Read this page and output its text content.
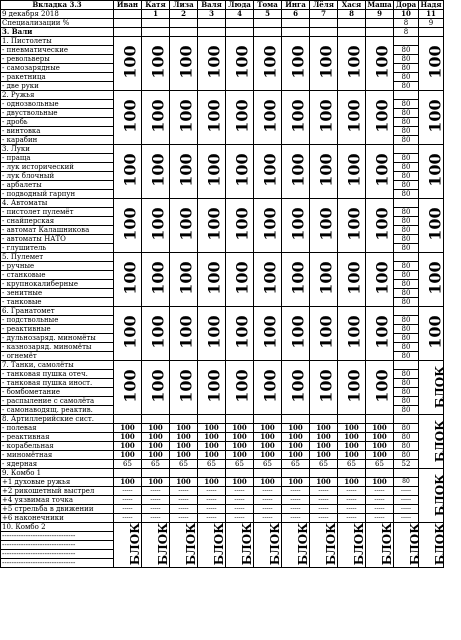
Вкладка 3.3	Иван	Катя	Лиза	Валя	Люда	Тома	Инга	Лёля	Хася	Маша	Дора	Надя
9 декабря 2018		1	2	3	4	5	6	7	8	9	10	11
Специализации %											8	9
3. Вали											8	
1. Пистолеты	100	100	100	100	100	100	100	100	100	100		100
- пневматические											80	
- револьверы											80	
- самозарядные											80	
- ракетница											80	
- две руки											80	
2. Ружья	100	100	100	100	100	100	100	100	100	100		100
- однозвольные											80	
- двуствольные											80	
- дробь											80	
- винтовка											80	
- карабин											80	
3. Луки	100	100	100	100	100	100	100	100	100	100		100
- праща											80	
- лук исторический											80	
- лук блочный											80	
- арбалеты											80	
- подводный гарпун											80	
4. Автоматы	100	100	100	100	100	100	100	100	100	100		100
- пистолет пулемёт											80	
- снайперская											80	
- автомат Калашникова											80	
- автоматы НАТО											80	
- глушитель											80	
5. Пулемет	100	100	100	100	100	100	100	100	100	100		100
- ручные											80	
- станковые											80	
- крупнокалиберные											80	
- зенитные											80	
- танковые											80	
6. Гранатомет	100	100	100	100	100	100	100	100	100	100		100
- подствольные											80	
- реактивные											80	
- дульнозаряд. миномёты											80	
- казнозаряд. миномёты											80	
- огнемёт											80	
7. Танки, самолёты	100	100	100	100	100	100	100	100	100	100		БЛОК
- танковая пушка отеч.											80	
- танковая пушка иност.											80	
- бомбометание											80	
- распыление с самолёта											80	
- самонаводящ. реактив.											80	
8. Артиллерийские сист.												БЛОК
- полевая	100	100	100	100	100	100	100	100	100	100	80	
- реактивная	100	100	100	100	100	100	100	100	100	100	80	
- корабельная	100	100	100	100	100	100	100	100	100	100	80	
- миномётная	100	100	100	100	100	100	100	100	100	100	80	
- ядерная	65	65	65	65	65	65	65	65	65	65	52	
9. Комбо 1												БЛОК
+1 духовые ружья	100	100	100	100	100	100	100	100	100	100	80	
+2 рикошетный выстрел	-----	-----	-----	-----	-----	-----	-----	-----	-----	-----	-----	
+4 уязвимая точка	-----	-----	-----	-----	-----	-----	-----	-----	-----	-----	-----	
+5 стрельба в движении	-----	-----	-----	-----	-----	-----	-----	-----	-----	-----	-----	
+6 наконечники	-----	-----	-----	-----	-----	-----	-----	-----	-----	-----	-----	
10. Комбо 2	БЛОК	БЛОК	БЛОК	БЛОК	БЛОК	БЛОК	БЛОК	БЛОК	БЛОК	БЛОК	БЛОК	БЛОК
-------------------------------												
-------------------------------												
-------------------------------												
-------------------------------												
